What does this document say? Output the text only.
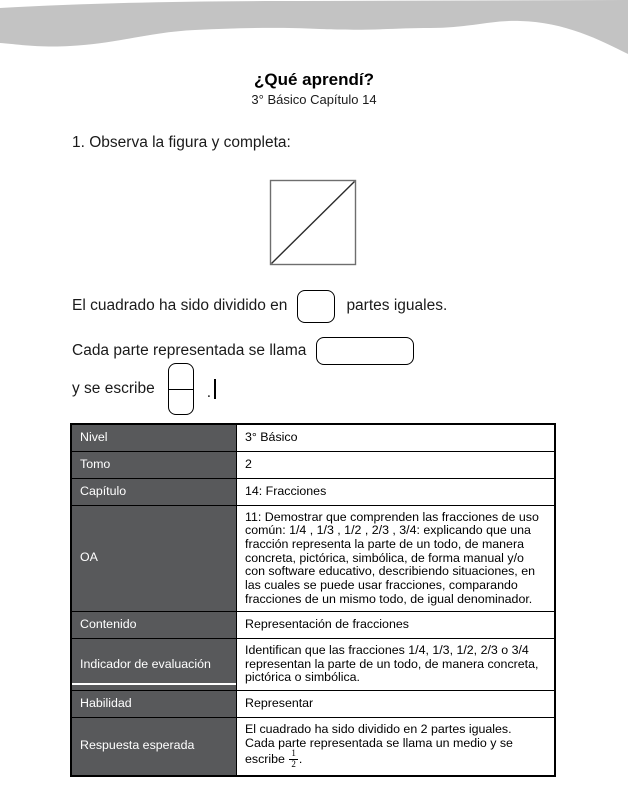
¿Qué aprendí?
3° Básico Capítulo 14
1. Observa la figura y completa:
El cuadrado ha sido dividido en	partes iguales.
Cada parte representada se llama
y se escribe	.
Nivel	3° Básico
Tomo	2
Capítulo	14: Fracciones
OA	11: Demostrar que comprenden las fracciones de uso común: 1/4 , 1/3 , 1/2 , 2/3 , 3/4: explicando que una fracción representa la parte de un todo, de manera concreta, pictórica, simbólica, de forma manual y/o con software educativo, describiendo situaciones, en las cuales se puede usar fracciones, comparando fracciones de un mismo todo, de igual denominador.
Contenido	Representación de fracciones
Indicador de evaluación	Identifican que las fracciones 1/4, 1/3, 1/2, 2/3 o 3/4 representan la parte de un todo, de manera concreta, pictórica o simbólica.
Habilidad	Representar
Respuesta esperada	El cuadrado ha sido dividido en 2 partes iguales.
Cada parte representada se llama un medio y se escribe $\frac{1}{2}$ .
